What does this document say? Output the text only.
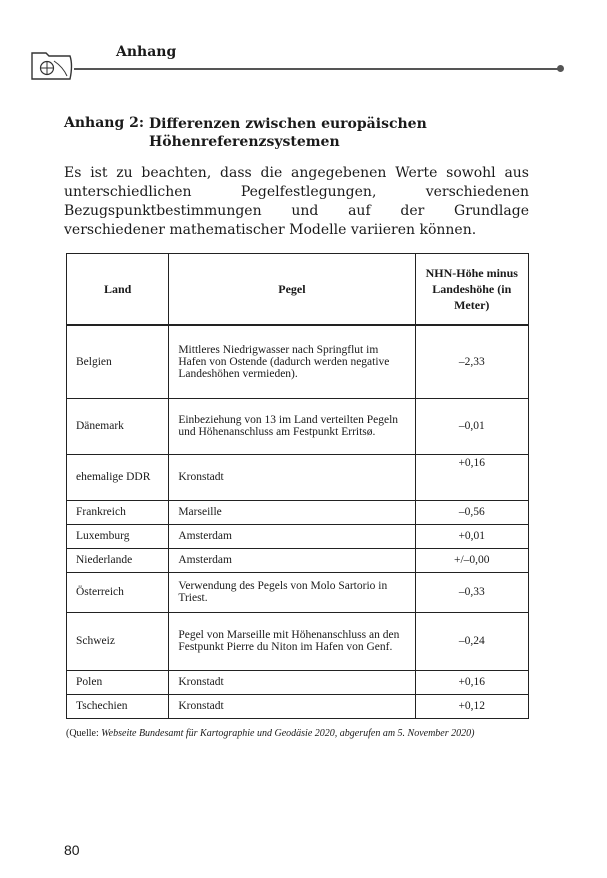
Anhang
Anhang 2: Differenzen zwischen europäischen Höhenreferenzsystemen

Es ist zu beachten, dass die angegebenen Werte sowohl aus unterschiedlichen Pegelfestlegungen, verschiedenen Bezugspunktbestimmungen und auf der Grundlage verschiedener mathematischer Modelle variieren können.

Land	Pegel	NHN-Höhe minus Landeshöhe (in Meter)
Belgien	Mittleres Niedrigwasser nach Springflut im Hafen von Ostende (dadurch werden negative Landeshöhen vermieden).	–2,33
Dänemark	Einbeziehung von 13 im Land verteilten Pegeln und Höhenanschluss am Festpunkt Erritsø.	–0,01
ehemalige DDR	Kronstadt	+0,16
Frankreich	Marseille	–0,56
Luxemburg	Amsterdam	+0,01
Niederlande	Amsterdam	+/–0,00
Österreich	Verwendung des Pegels von Molo Sartorio in Triest.	–0,33
Schweiz	Pegel von Marseille mit Höhenanschluss an den Festpunkt Pierre du Niton im Hafen von Genf.	–0,24
Polen	Kronstadt	+0,16
Tschechien	Kronstadt	+0,12
(Quelle: Webseite Bundesamt für Kartographie und Geodäsie 2020, abgerufen am 5. November 2020)
80
